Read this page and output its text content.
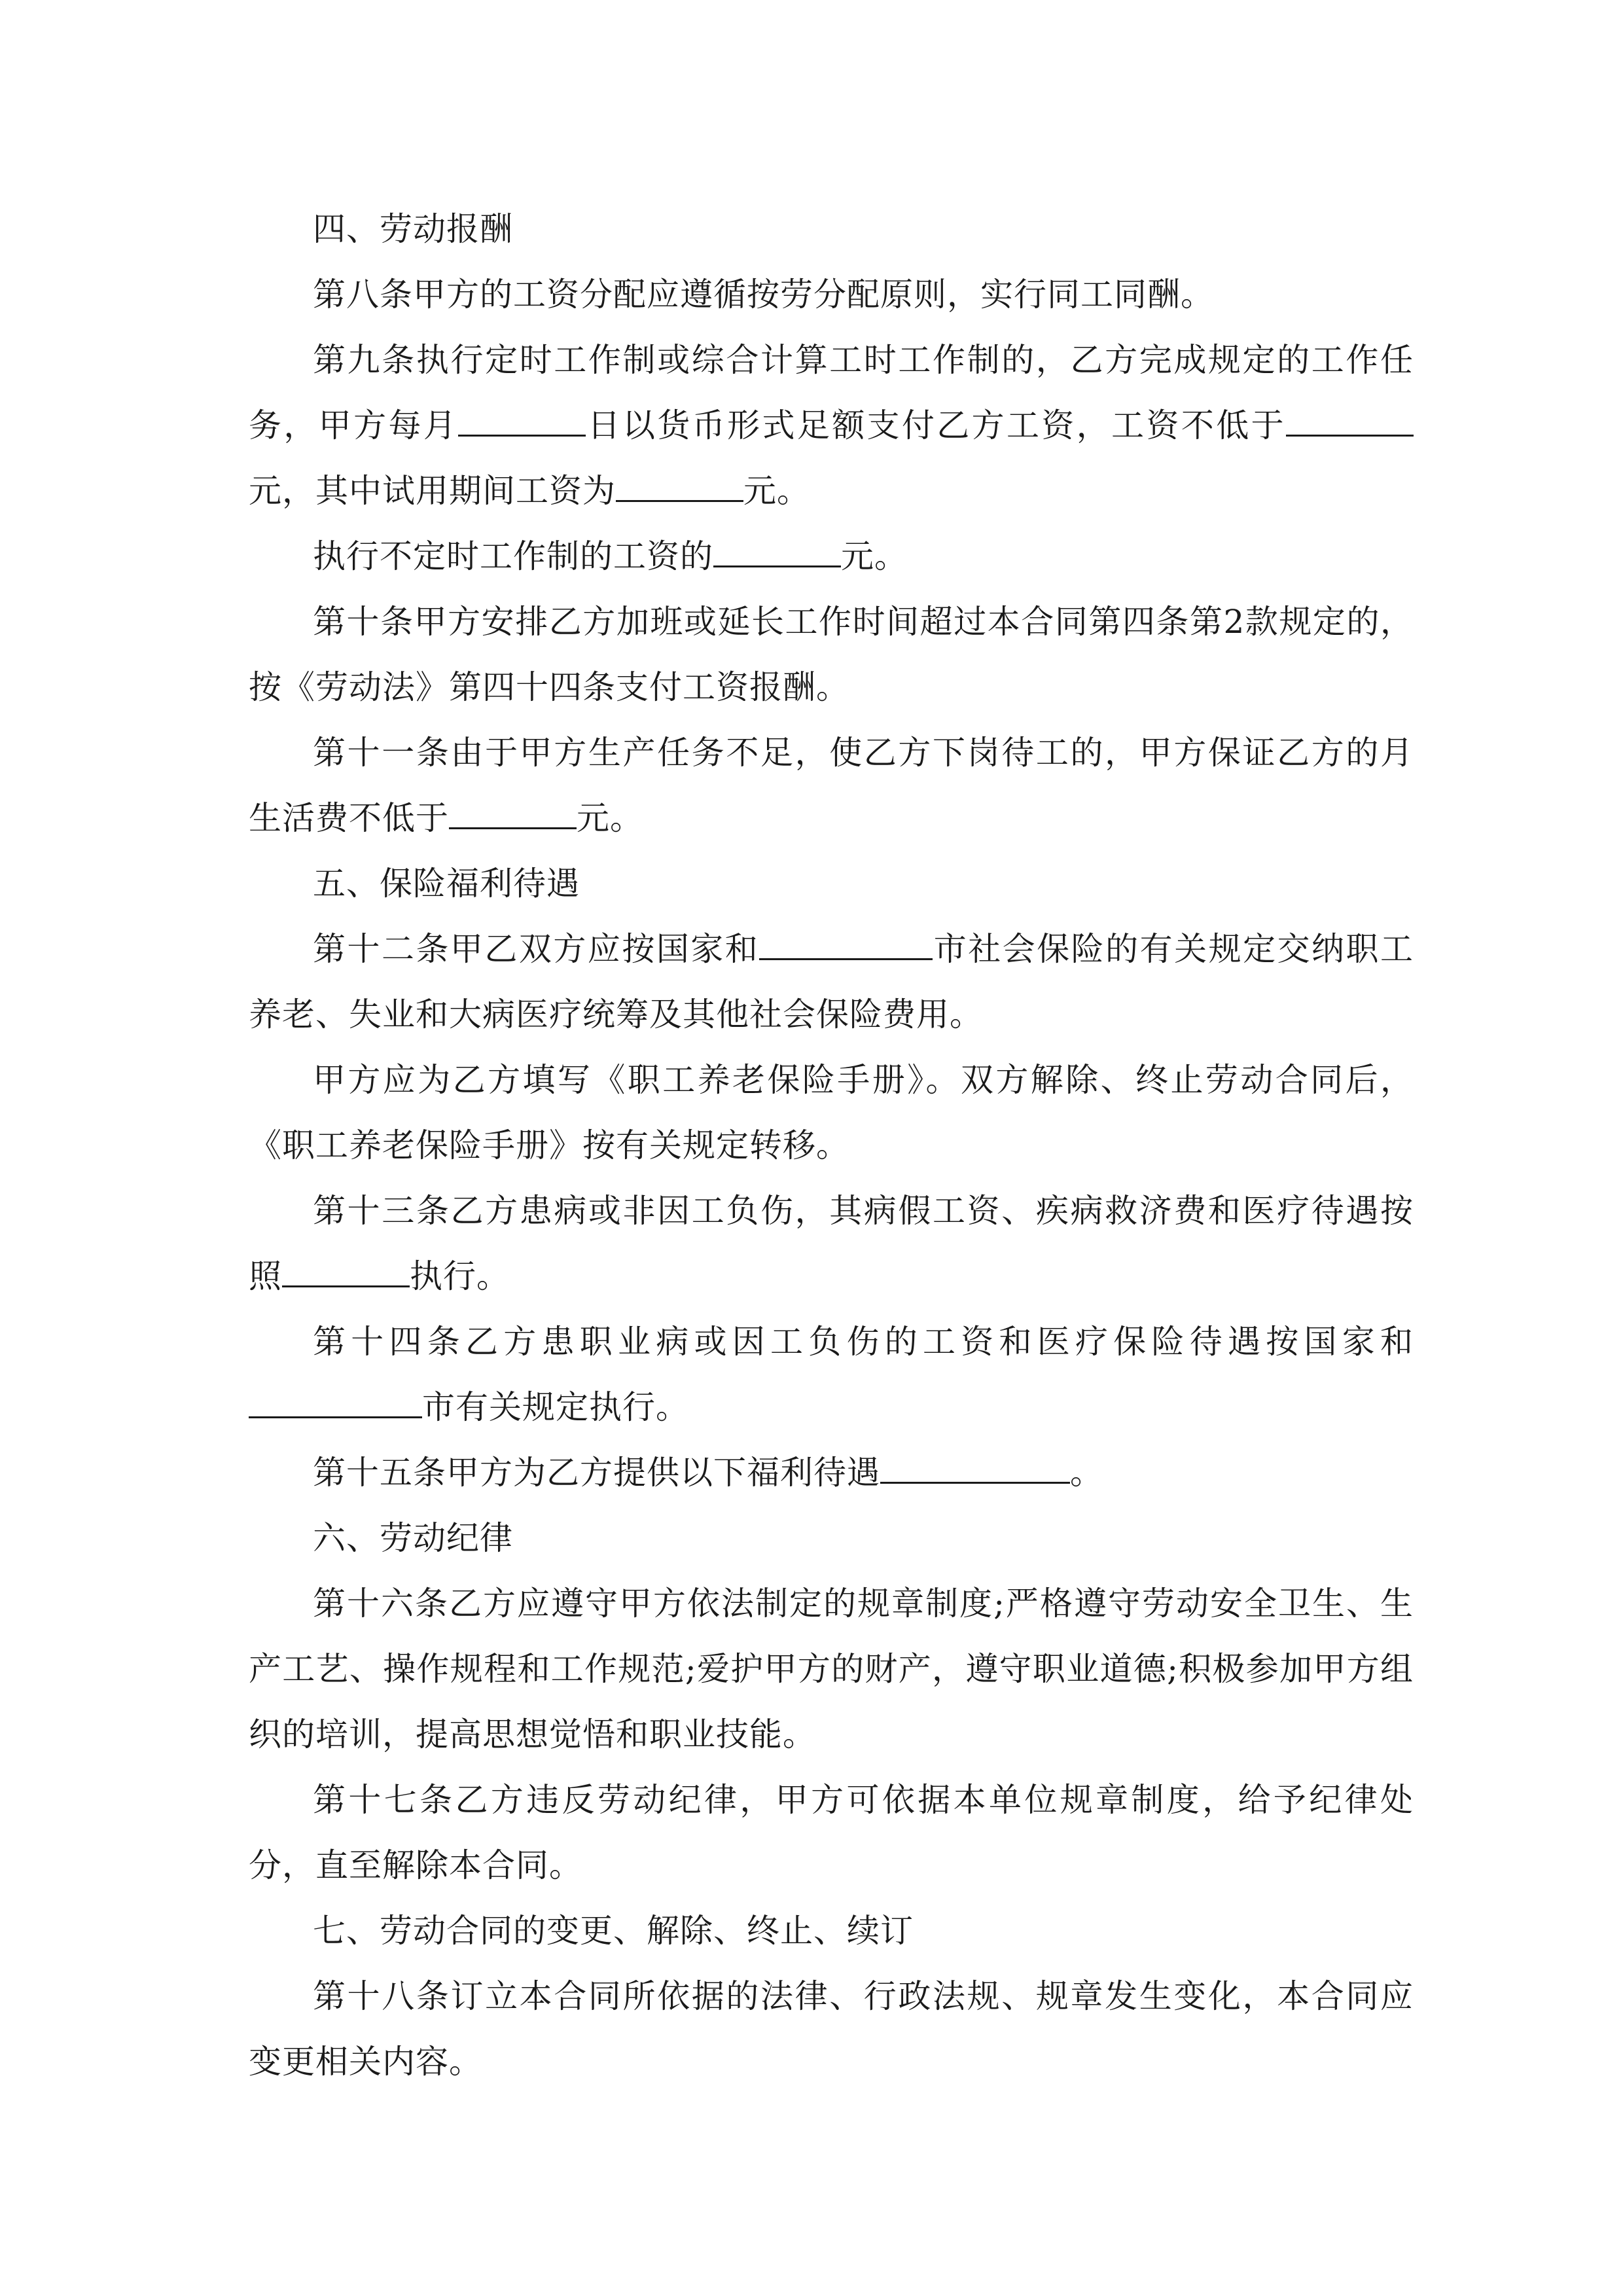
四、劳动报酬

第八条甲方的工资分配应遵循按劳分配原则，实行同工同酬。

第九条执行定时工作制或综合计算工时工作制的，乙方完成规定的工作任务，甲方每月	日以货币形式足额支付乙方工资，工资不低于元，其中试用期间工资为	元。

执行不定时工作制的工资的	元。

第十条甲方安排乙方加班或延长工作时间超过本合同第四条第2款规定的，按《劳动法》第四十四条支付工资报酬。

第十一条由于甲方生产任务不足，使乙方下岗待工的，甲方保证乙方的月生活费不低于	元。

五、保险福利待遇

第十二条甲乙双方应按国家和	市社会保险的有关规定交纳职工养老、失业和大病医疗统筹及其他社会保险费用。

甲方应为乙方填写《职工养老保险手册》。双方解除、终止劳动合同后，《职工养老保险手册》按有关规定转移。

第十三条乙方患病或非因工负伤，其病假工资、疾病救济费和医疗待遇按照	执行。

第十四条乙方患职业病或因工负伤的工资和医疗保险待遇按国家和市有关规定执行。

第十五条甲方为乙方提供以下福利待遇	。

六、劳动纪律

第十六条乙方应遵守甲方依法制定的规章制度;严格遵守劳动安全卫生、生产工艺、操作规程和工作规范;爱护甲方的财产，遵守职业道德;积极参加甲方组织的培训，提高思想觉悟和职业技能。

第十七条乙方违反劳动纪律，甲方可依据本单位规章制度，给予纪律处分，直至解除本合同。

七、劳动合同的变更、解除、终止、续订

第十八条订立本合同所依据的法律、行政法规、规章发生变化，本合同应变更相关内容。
